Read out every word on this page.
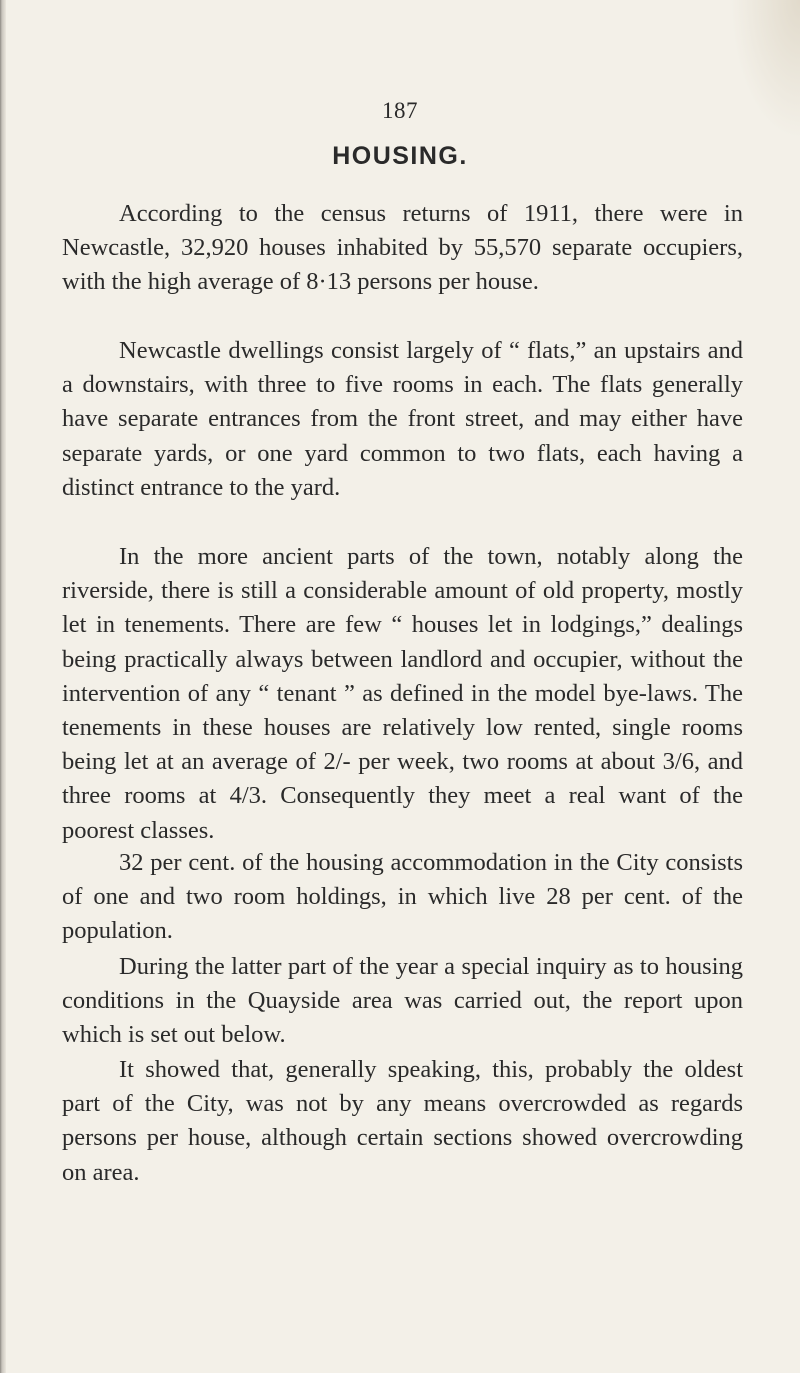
187
HOUSING.

According to the census returns of 1911, there were in Newcastle, 32,920 houses inhabited by 55,570 separate occupiers, with the high average of 8·13 persons per house.

Newcastle dwellings consist largely of “ flats,” an upstairs and a downstairs, with three to five rooms in each. The flats generally have separate entrances from the front street, and may either have separate yards, or one yard common to two flats, each having a distinct entrance to the yard.

In the more ancient parts of the town, notably along the riverside, there is still a considerable amount of old property, mostly let in tenements. There are few “ houses let in lodgings,” dealings being practically always between landlord and occupier, without the intervention of any “ tenant ” as defined in the model bye-laws. The tenements in these houses are relatively low rented, single rooms being let at an average of 2/- per week, two rooms at about 3/6, and three rooms at 4/3. Consequently they meet a real want of the poorest classes.

32 per cent. of the housing accommodation in the City consists of one and two room holdings, in which live 28 per cent. of the population.

During the latter part of the year a special inquiry as to housing conditions in the Quayside area was carried out, the report upon which is set out below.

It showed that, generally speaking, this, probably the oldest part of the City, was not by any means overcrowded as regards persons per house, although certain sections showed overcrowding on area.
